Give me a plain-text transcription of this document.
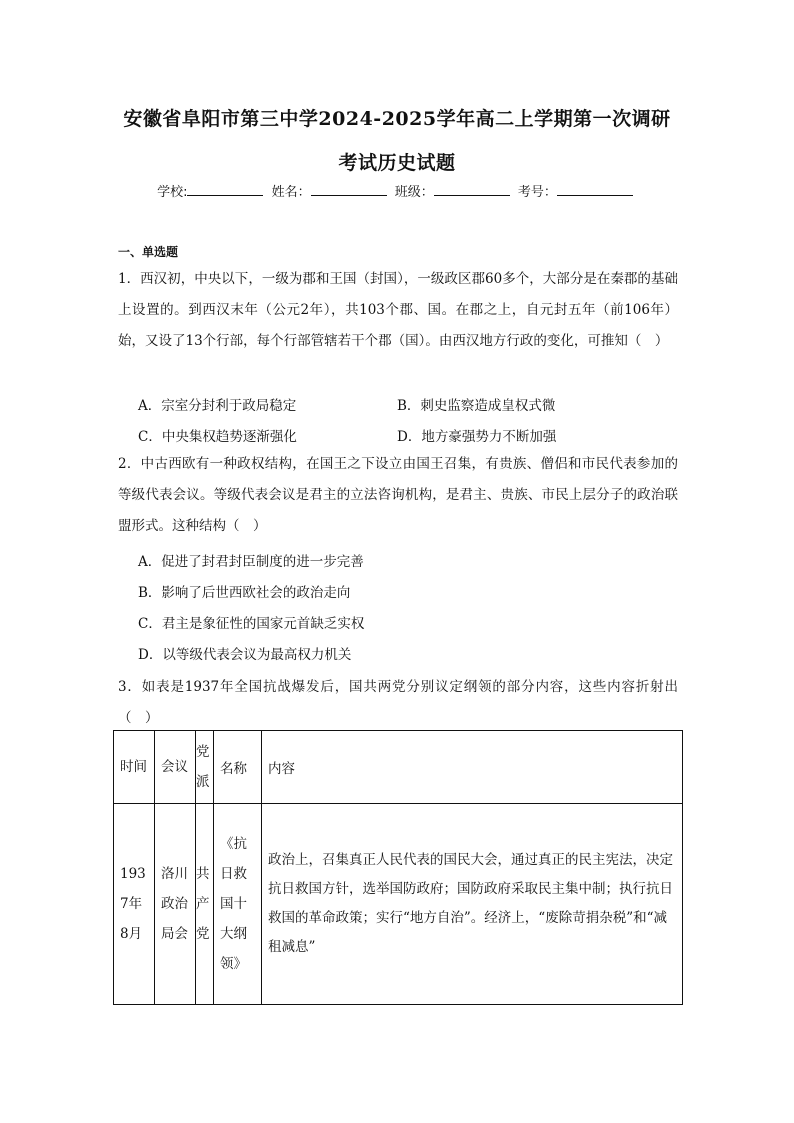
安徽省阜阳市第三中学2024-2025学年高二上学期第一次调研
考试历史试题
学校:	姓名：	班级：	考号：
一、单选题
1．西汉初，中央以下，一级为郡和王国（封国），一级政区郡60多个，大部分是在秦郡的基础上设置的。到西汉末年（公元2年），共103个郡、国。在郡之上，自元封五年（前106年）始，又设了13个行部，每个行部管辖若干个郡（国）。由西汉地方行政的变化，可推知（　）
A．宗室分封利于政局稳定	B．刺史监察造成皇权式微
C．中央集权趋势逐渐强化	D．地方豪强势力不断加强
2．中古西欧有一种政权结构，在国王之下设立由国王召集，有贵族、僧侣和市民代表参加的等级代表会议。等级代表会议是君主的立法咨询机构，是君主、贵族、市民上层分子的政治联盟形式。这种结构（　）
A．促进了封君封臣制度的进一步完善
B．影响了后世西欧社会的政治走向
C．君主是象征性的国家元首缺乏实权
D．以等级代表会议为最高权力机关
3．如表是1937年全国抗战爆发后，国共两党分别议定纲领的部分内容，这些内容折射出（　）
时间	会议	党派	名称	内容
1937年8月	洛川政治局会	共产党	《抗日救国十大纲领》	政治上，召集真正人民代表的国民大会，通过真正的民主宪法，决定抗日救国方针，选举国防政府；国防政府采取民主集中制；执行抗日救国的革命政策；实行“地方自治”。经济上，“废除苛捐杂税”和“减租减息”
